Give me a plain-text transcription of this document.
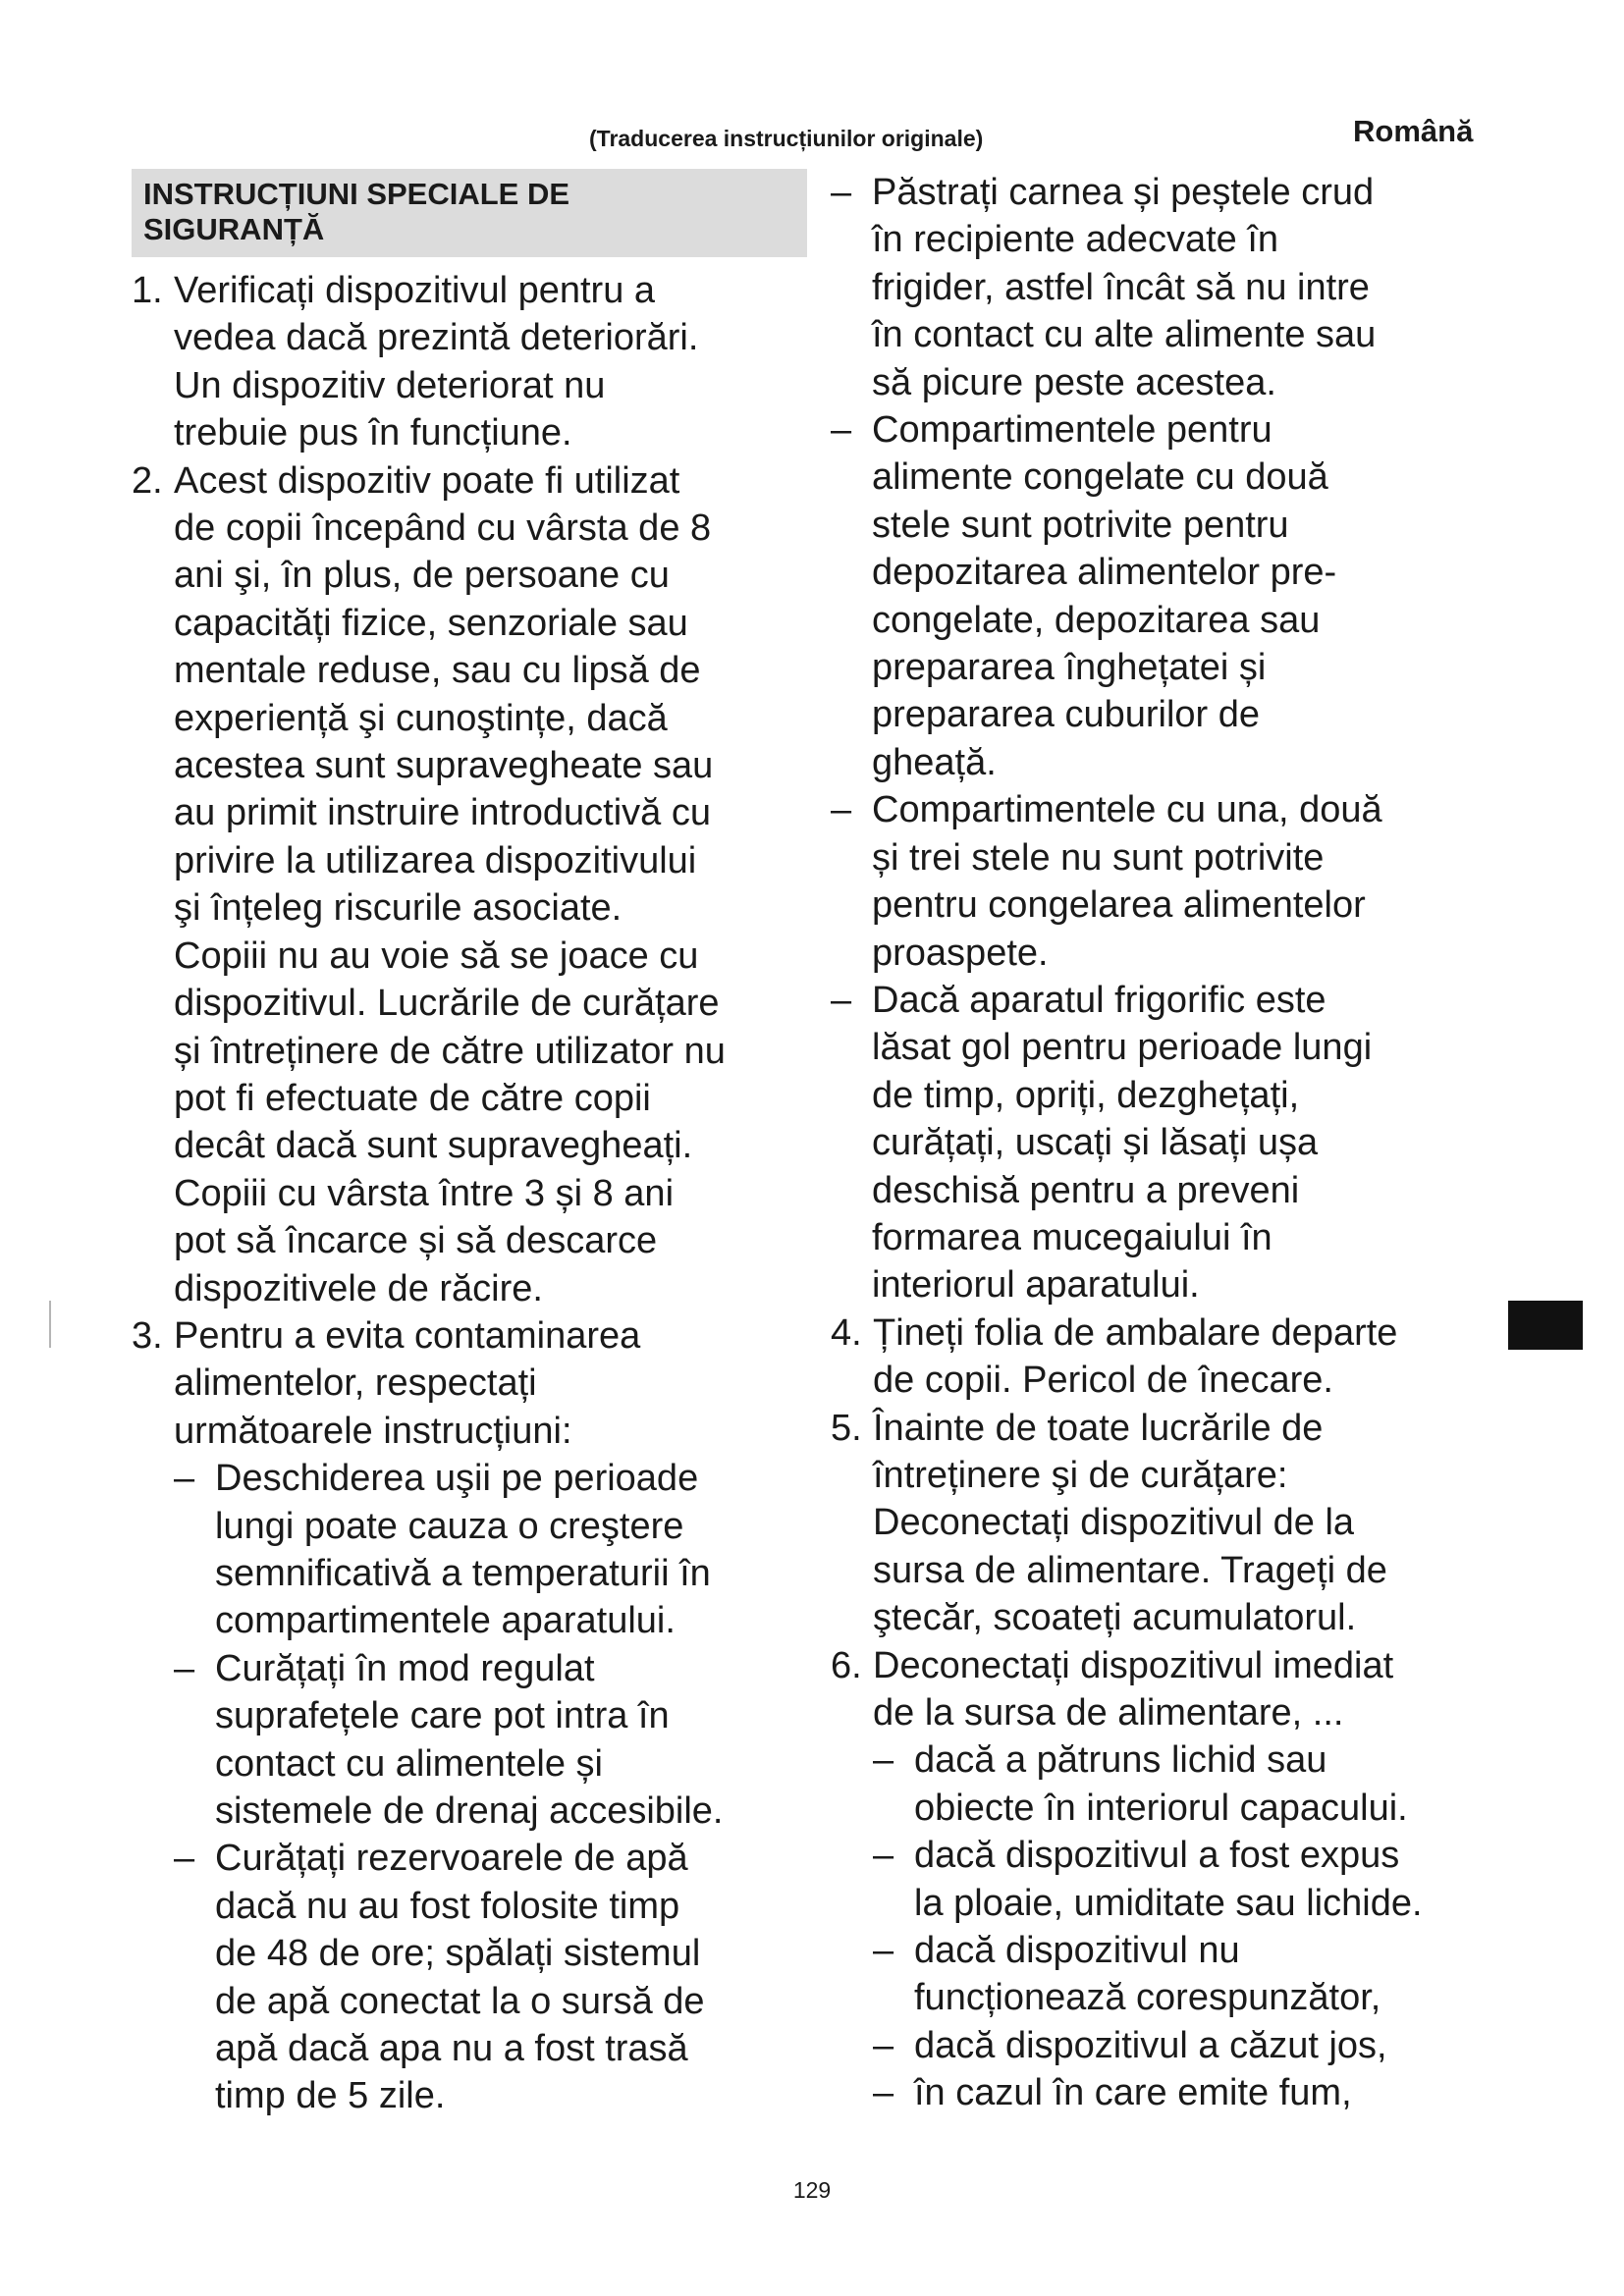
(Traducerea instrucțiunilor originale)	Română
INSTRUCȚIUNI SPECIALE DE
SIGURANȚĂ
1. Verificați dispozitivul pentru a
vedea dacă prezintă deteriorări.
Un dispozitiv deteriorat nu
trebuie pus în funcțiune.
2. Acest dispozitiv poate fi utilizat
de copii începând cu vârsta de 8
ani şi, în plus, de persoane cu
capacități fizice, senzoriale sau
mentale reduse, sau cu lipsă de
experiență şi cunoştințe, dacă
acestea sunt supravegheate sau
au primit instruire introductivă cu
privire la utilizarea dispozitivului
şi înțeleg riscurile asociate.
Copiii nu au voie să se joace cu
dispozitivul. Lucrările de curățare
și întreținere de către utilizator nu
pot fi efectuate de către copii
decât dacă sunt supravegheați.
Copiii cu vârsta între 3 și 8 ani
pot să încarce și să descarce
dispozitivele de răcire.
3. Pentru a evita contaminarea
alimentelor, respectați
următoarele instrucțiuni:
– Deschiderea uşii pe perioade
lungi poate cauza o creştere
semnificativă a temperaturii în
compartimentele aparatului.
– Curățați în mod regulat
suprafețele care pot intra în
contact cu alimentele și
sistemele de drenaj accesibile.
– Curățați rezervoarele de apă
dacă nu au fost folosite timp
de 48 de ore; spălați sistemul
de apă conectat la o sursă de
apă dacă apa nu a fost trasă
timp de 5 zile.
– Păstrați carnea și peștele crud
în recipiente adecvate în
frigider, astfel încât să nu intre
în contact cu alte alimente sau
să picure peste acestea.
– Compartimentele pentru
alimente congelate cu două
stele sunt potrivite pentru
depozitarea alimentelor pre-
congelate, depozitarea sau
prepararea înghețatei și
prepararea cuburilor de
gheață.
– Compartimentele cu una, două
și trei stele nu sunt potrivite
pentru congelarea alimentelor
proaspete.
– Dacă aparatul frigorific este
lăsat gol pentru perioade lungi
de timp, opriți, dezghețați,
curățați, uscați și lăsați ușa
deschisă pentru a preveni
formarea mucegaiului în
interiorul aparatului.
4. Țineți folia de ambalare departe
de copii. Pericol de înecare.
5. Înainte de toate lucrările de
întreținere şi de curățare:
Deconectați dispozitivul de la
sursa de alimentare. Trageți de
ştecăr, scoateți acumulatorul.
6. Deconectați dispozitivul imediat
de la sursa de alimentare, ...
– dacă a pătruns lichid sau
obiecte în interiorul capacului.
– dacă dispozitivul a fost expus
la ploaie, umiditate sau lichide.
– dacă dispozitivul nu
funcționează corespunzător,
– dacă dispozitivul a căzut jos,
– în cazul în care emite fum,
129
